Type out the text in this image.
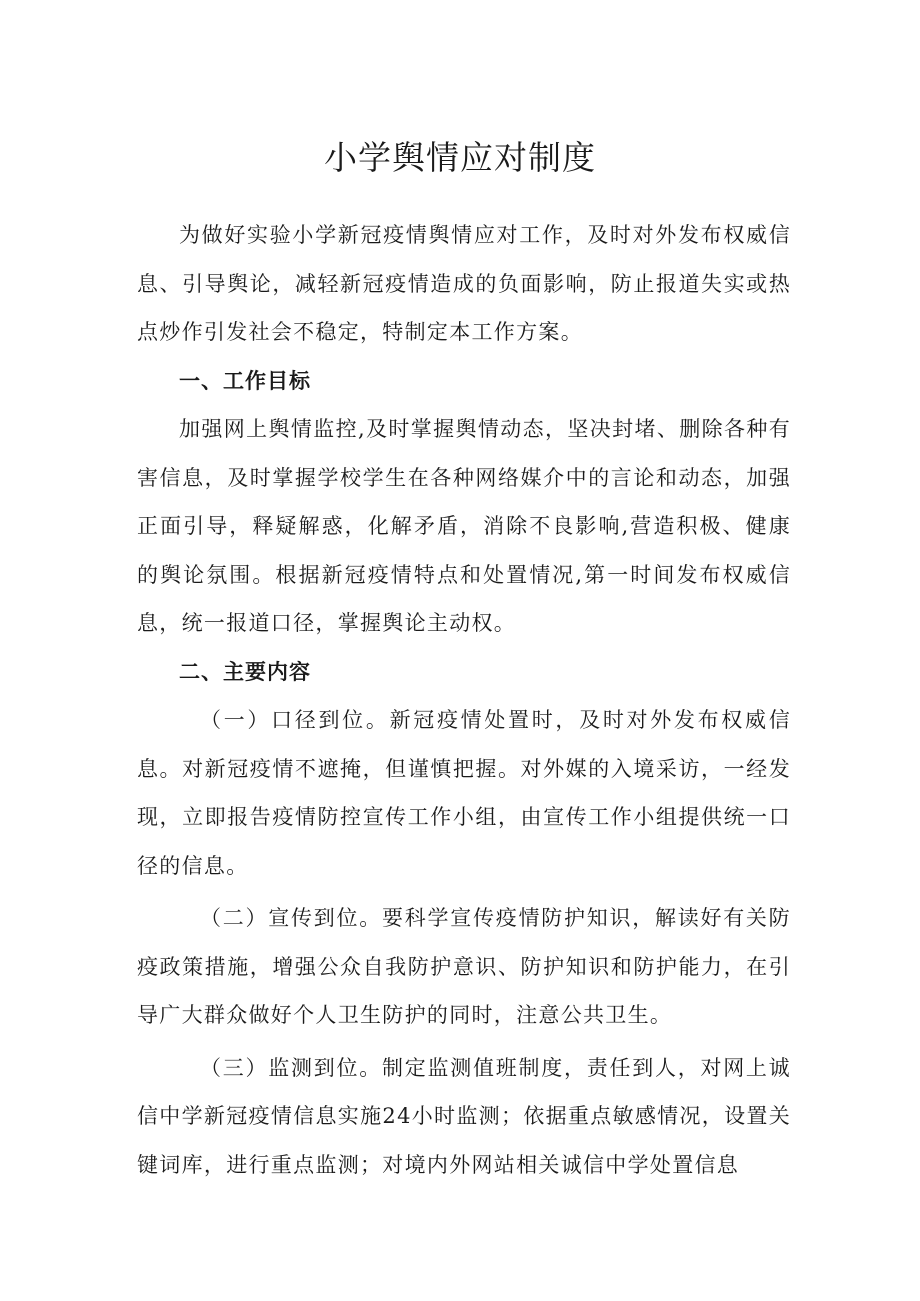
小学舆情应对制度

为做好实验小学新冠疫情舆情应对工作，及时对外发布权威信息、引导舆论，减轻新冠疫情造成的负面影响，防止报道失实或热点炒作引发社会不稳定，特制定本工作方案。

一、工作目标

加强网上舆情监控,及时掌握舆情动态，坚决封堵、删除各种有害信息，及时掌握学校学生在各种网络媒介中的言论和动态，加强正面引导，释疑解惑，化解矛盾，消除不良影响,营造积极、健康的舆论氛围。根据新冠疫情特点和处置情况,第一时间发布权威信息，统一报道口径，掌握舆论主动权。

二、主要内容

（一）口径到位。新冠疫情处置时，及时对外发布权威信息。对新冠疫情不遮掩，但谨慎把握。对外媒的入境采访，一经发现，立即报告疫情防控宣传工作小组，由宣传工作小组提供统一口径的信息。

（二）宣传到位。要科学宣传疫情防护知识，解读好有关防疫政策措施，增强公众自我防护意识、防护知识和防护能力，在引导广大群众做好个人卫生防护的同时，注意公共卫生。

（三）监测到位。制定监测值班制度，责任到人，对网上诚信中学新冠疫情信息实施24小时监测；依据重点敏感情况，设置关键词库，进行重点监测；对境内外网站相关诚信中学处置信息
